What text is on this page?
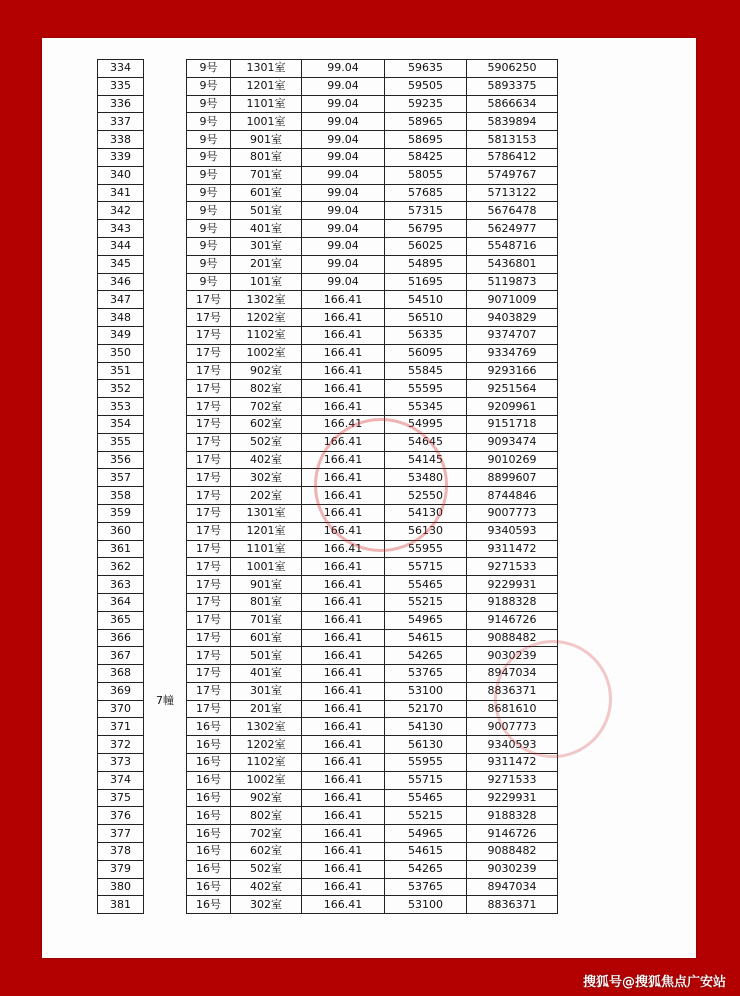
334	7幢	9号	1301室	99.04	59635	5906250
335		9号	1201室	99.04	59505	5893375
336		9号	1101室	99.04	59235	5866634
337		9号	1001室	99.04	58965	5839894
338		9号	901室	99.04	58695	5813153
339		9号	801室	99.04	58425	5786412
340		9号	701室	99.04	58055	5749767
341		9号	601室	99.04	57685	5713122
342		9号	501室	99.04	57315	5676478
343		9号	401室	99.04	56795	5624977
344		9号	301室	99.04	56025	5548716
345		9号	201室	99.04	54895	5436801
346		9号	101室	99.04	51695	5119873
347		17号	1302室	166.41	54510	9071009
348		17号	1202室	166.41	56510	9403829
349		17号	1102室	166.41	56335	9374707
350		17号	1002室	166.41	56095	9334769
351		17号	902室	166.41	55845	9293166
352		17号	802室	166.41	55595	9251564
353		17号	702室	166.41	55345	9209961
354		17号	602室	166.41	54995	9151718
355		17号	502室	166.41	54645	9093474
356		17号	402室	166.41	54145	9010269
357		17号	302室	166.41	53480	8899607
358		17号	202室	166.41	52550	8744846
359		17号	1301室	166.41	54130	9007773
360		17号	1201室	166.41	56130	9340593
361		17号	1101室	166.41	55955	9311472
362		17号	1001室	166.41	55715	9271533
363		17号	901室	166.41	55465	9229931
364		17号	801室	166.41	55215	9188328
365		17号	701室	166.41	54965	9146726
366		17号	601室	166.41	54615	9088482
367		17号	501室	166.41	54265	9030239
368		17号	401室	166.41	53765	8947034
369		17号	301室	166.41	53100	8836371
370		17号	201室	166.41	52170	8681610
371		16号	1302室	166.41	54130	9007773
372		16号	1202室	166.41	56130	9340593
373		16号	1102室	166.41	55955	9311472
374		16号	1002室	166.41	55715	9271533
375		16号	902室	166.41	55465	9229931
376		16号	802室	166.41	55215	9188328
377		16号	702室	166.41	54965	9146726
378		16号	602室	166.41	54615	9088482
379		16号	502室	166.41	54265	9030239
380		16号	402室	166.41	53765	8947034
381		16号	302室	166.41	53100	8836371
搜狐号@搜狐焦点广安站
